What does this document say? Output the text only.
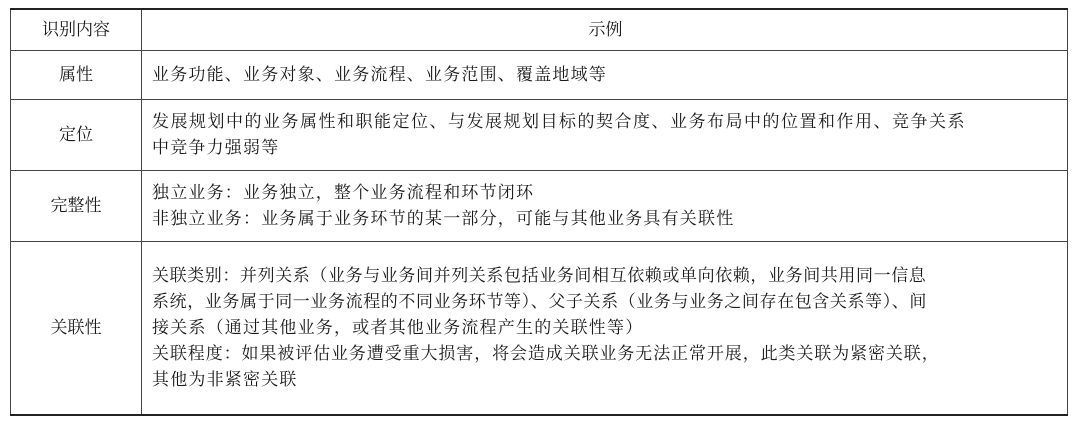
识别内容	示例
属性	业务功能、业务对象、业务流程、业务范围、覆盖地域等

定位	发展规划中的业务属性和职能定位、与发展规划目标的契合度、业务布局中的位置和作用、竞争关系
中竞争力强弱等

完整性	独立业务：业务独立，整个业务流程和环节闭环
非独立业务：业务属于业务环节的某一部分，可能与其他业务具有关联性

关联性	关联类别：并列关系（业务与业务间并列关系包括业务间相互依赖或单向依赖，业务间共用同一信息
系统，业务属于同一业务流程的不同业务环节等）、父子关系（业务与业务之间存在包含关系等）、间
接关系（通过其他业务，或者其他业务流程产生的关联性等）
关联程度：如果被评估业务遭受重大损害，将会造成关联业务无法正常开展，此类关联为紧密关联，
其他为非紧密关联
